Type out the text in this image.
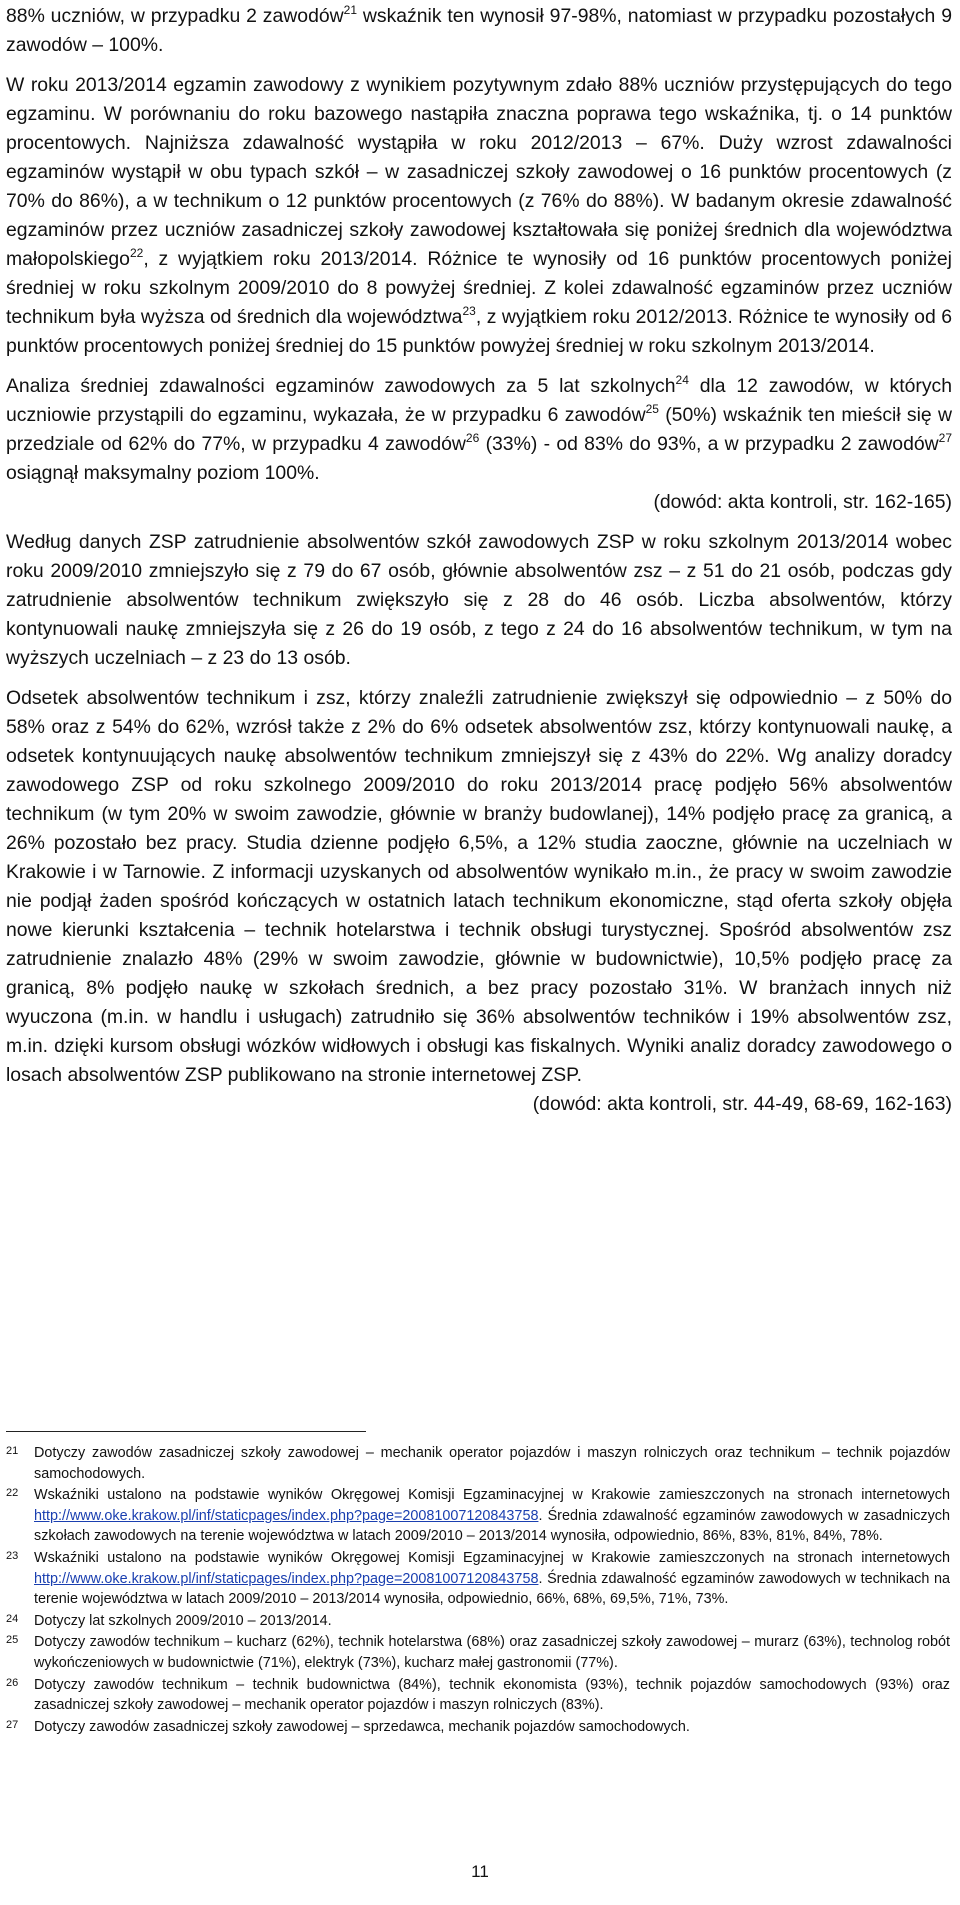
88% uczniów, w przypadku 2 zawodów$^{21}$ wskaźnik ten wynosił 97-98%, natomiast w przypadku pozostałych 9 zawodów – 100%.

W roku 2013/2014 egzamin zawodowy z wynikiem pozytywnym zdało 88% uczniów przystępujących do tego egzaminu. W porównaniu do roku bazowego nastąpiła znaczna poprawa tego wskaźnika, tj. o 14 punktów procentowych. Najniższa zdawalność wystąpiła w roku 2012/2013 – 67%. Duży wzrost zdawalności egzaminów wystąpił w obu typach szkół – w zasadniczej szkoły zawodowej o 16 punktów procentowych (z 70% do 86%), a w technikum o 12 punktów procentowych (z 76% do 88%). W badanym okresie zdawalność egzaminów przez uczniów zasadniczej szkoły zawodowej kształtowała się poniżej średnich dla województwa małopolskiego$^{22}$, z wyjątkiem roku 2013/2014. Różnice te wynosiły od 16 punktów procentowych poniżej średniej w roku szkolnym 2009/2010 do 8 powyżej średniej. Z kolei zdawalność egzaminów przez uczniów technikum była wyższa od średnich dla województwa$^{23}$, z wyjątkiem roku 2012/2013. Różnice te wynosiły od 6 punktów procentowych poniżej średniej do 15 punktów powyżej średniej w roku szkolnym 2013/2014.

Analiza średniej zdawalności egzaminów zawodowych za 5 lat szkolnych$^{24}$ dla 12 zawodów, w których uczniowie przystąpili do egzaminu, wykazała, że w przypadku 6 zawodów$^{25}$ (50%) wskaźnik ten mieścił się w przedziale od 62% do 77%, w przypadku 4 zawodów$^{26}$ (33%) - od 83% do 93%, a w przypadku 2 zawodów$^{27}$ osiągnął maksymalny poziom 100%.
(dowód: akta kontroli, str. 162-165)

Według danych ZSP zatrudnienie absolwentów szkół zawodowych ZSP w roku szkolnym 2013/2014 wobec roku 2009/2010 zmniejszyło się z 79 do 67 osób, głównie absolwentów zsz – z 51 do 21 osób, podczas gdy zatrudnienie absolwentów technikum zwiększyło się z 28 do 46 osób. Liczba absolwentów, którzy kontynuowali naukę zmniejszyła się z 26 do 19 osób, z tego z 24 do 16 absolwentów technikum, w tym na wyższych uczelniach – z 23 do 13 osób.

Odsetek absolwentów technikum i zsz, którzy znaleźli zatrudnienie zwiększył się odpowiednio – z 50% do 58% oraz z 54% do 62%, wzrósł także z 2% do 6% odsetek absolwentów zsz, którzy kontynuowali naukę, a odsetek kontynuujących naukę absolwentów technikum zmniejszył się z 43% do 22%. Wg analizy doradcy zawodowego ZSP od roku szkolnego 2009/2010 do roku 2013/2014 pracę podjęło 56% absolwentów technikum (w tym 20% w swoim zawodzie, głównie w branży budowlanej), 14% podjęło pracę za granicą, a 26% pozostało bez pracy. Studia dzienne podjęło 6,5%, a 12% studia zaoczne, głównie na uczelniach w Krakowie i w Tarnowie. Z informacji uzyskanych od absolwentów wynikało m.in., że pracy w swoim zawodzie nie podjął żaden spośród kończących w ostatnich latach technikum ekonomiczne, stąd oferta szkoły objęła nowe kierunki kształcenia – technik hotelarstwa i technik obsługi turystycznej. Spośród absolwentów zsz zatrudnienie znalazło 48% (29% w swoim zawodzie, głównie w budownictwie), 10,5% podjęło pracę za granicą, 8% podjęło naukę w szkołach średnich, a bez pracy pozostało 31%. W branżach innych niż wyuczona (m.in. w handlu i usługach) zatrudniło się 36% absolwentów techników i 19% absolwentów zsz, m.in. dzięki kursom obsługi wózków widłowych i obsługi kas fiskalnych. Wyniki analiz doradcy zawodowego o losach absolwentów ZSP publikowano na stronie internetowej ZSP.
(dowód: akta kontroli, str. 44-49, 68-69, 162-163)

21 Dotyczy zawodów zasadniczej szkoły zawodowej – mechanik operator pojazdów i maszyn rolniczych oraz technikum – technik pojazdów samochodowych.

22 Wskaźniki ustalono na podstawie wyników Okręgowej Komisji Egzaminacyjnej w Krakowie zamieszczonych na stronach internetowych http://www.oke.krakow.pl/inf/staticpages/index.php?page=20081007120843758. Średnia zdawalność egzaminów zawodowych w zasadniczych szkołach zawodowych na terenie województwa w latach 2009/2010 – 2013/2014 wynosiła, odpowiednio, 86%, 83%, 81%, 84%, 78%.

23 Wskaźniki ustalono na podstawie wyników Okręgowej Komisji Egzaminacyjnej w Krakowie zamieszczonych na stronach internetowych http://www.oke.krakow.pl/inf/staticpages/index.php?page=20081007120843758. Średnia zdawalność egzaminów zawodowych w technikach na terenie województwa w latach 2009/2010 – 2013/2014 wynosiła, odpowiednio, 66%, 68%, 69,5%, 71%, 73%.

24 Dotyczy lat szkolnych 2009/2010 – 2013/2014.

25 Dotyczy zawodów technikum – kucharz (62%), technik hotelarstwa (68%) oraz zasadniczej szkoły zawodowej – murarz (63%), technolog robót wykończeniowych w budownictwie (71%), elektryk (73%), kucharz małej gastronomii (77%).

26 Dotyczy zawodów technikum – technik budownictwa (84%), technik ekonomista (93%), technik pojazdów samochodowych (93%) oraz zasadniczej szkoły zawodowej – mechanik operator pojazdów i maszyn rolniczych (83%).

27 Dotyczy zawodów zasadniczej szkoły zawodowej – sprzedawca, mechanik pojazdów samochodowych.

11
